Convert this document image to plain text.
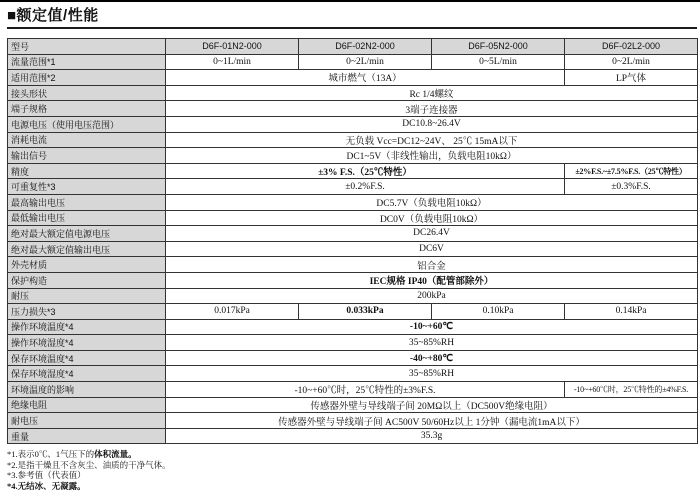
■额定值/性能
型号	D6F-01N2-000	D6F-02N2-000	D6F-05N2-000	D6F-02L2-000
流量范围*1	0~1L/min	0~2L/min	0~5L/min	0~2L/min
适用范围*2	城市燃气（13A）			LP气体
接头形状	Rc 1/4螺纹			
端子规格	3端子连接器			
电源电压（使用电压范围）	DC10.8~26.4V			
消耗电流	无负载 Vcc=DC12~24V、 25℃ 15mA以下			
输出信号	DC1~5V（非线性输出，负载电阻10kΩ）			
精度	±3% F.S.（25℃特性）			±2%F.S.~±7.5%F.S.（25℃特性）
可重复性*3	±0.2%F.S.			±0.3%F.S.
最高输出电压	DC5.7V（负载电阻10kΩ）			
最低输出电压	DC0V（负载电阻10kΩ）			
绝对最大额定值电源电压	DC26.4V			
绝对最大额定值输出电压	DC6V			
外壳材质	铝合金			
保护构造	IEC规格 IP40（配管部除外）			
耐压	200kPa			
压力损失*3	0.017kPa	0.033kPa	0.10kPa	0.14kPa
操作环境温度*4	-10~+60℃			
操作环境湿度*4	35~85%RH			
保存环境温度*4	-40~+80℃			
保存环境湿度*4	35~85%RH			
环境温度的影响	-10~+60℃时，25℃特性的±3%F.S.			-10~+60℃时，25℃特性的±4%F.S.
绝缘电阻	传感器外壁与导线端子间 20MΩ以上（DC500V绝缘电阻）			
耐电压	传感器外壁与导线端子间 AC500V 50/60Hz以上 1分钟（漏电流1mA以下）			
重量	35.3g			
*1.表示0℃、1气压下的体积流量。
*2.是指干燥且不含灰尘、油质的干净气体。
*3.参考值（代表值）
*4.无结冰、无凝露。
